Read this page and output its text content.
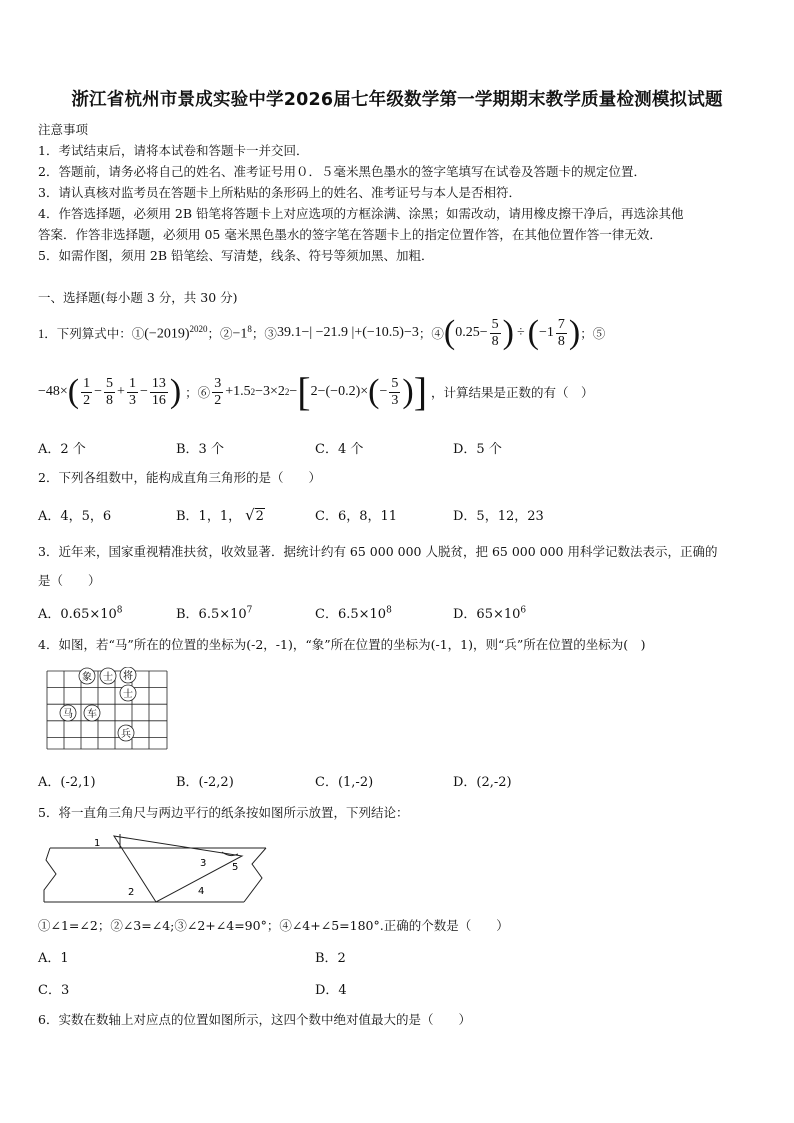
浙江省杭州市景成实验中学2026届七年级数学第一学期期末教学质量检测模拟试题
注意事项
1．考试结束后，请将本试卷和答题卡一并交回．
2．答题前，请务必将自己的姓名、准考证号用０．５毫米黑色墨水的签字笔填写在试卷及答题卡的规定位置．
3．请认真核对监考员在答题卡上所粘贴的条形码上的姓名、准考证号与本人是否相符．
4．作答选择题，必须用 2B 铅笔将答题卡上对应选项的方框涂满、涂黑；如需改动，请用橡皮擦干净后，再选涂其他
答案．作答非选择题，必须用 05 毫米黑色墨水的签字笔在答题卡上的指定位置作答，在其他位置作答一律无效．
5．如需作图，须用 2B 铅笔绘、写清楚，线条、符号等须加黑、加粗．
一、选择题(每小题 3 分，共 30 分)
1．下列算式中：① $(-2019)^{2020}$ ；② $-1^8$ ；③ 39.1−| −21.9 |+(−10.5)−3 ；④ ( $0.25- \frac{5}{8}$ ) ÷ ( $-1 \frac{7}{8}$ ) ；⑤
−48× ( $\frac{1}{2} - \frac{5}{8} + \frac{1}{3} - \frac{13}{16}$ ) ；⑥ $\frac{3}{2} +1.5$ 2 −3×2 2 − [ 2−(−0.2)× ( − $\frac{5}{3}$ ) ] ，计算结果是正数的有（　）
A．2 个	B．3 个	C．4 个	D．5 个
2．下列各组数中，能构成直角三角形的是（　　）
A．4，5，6	B．1，1， √2	C．6，8，11	D．5，12，23
3．近年来，国家重视精准扶贫，收效显著．据统计约有 65 000 000 人脱贫，把 65 000 000 用科学记数法表示，正确的
是（　　）
A．$0.65\times 10^8$	B．$6.5\times 10^7$	C．$6.5\times 10^8$	D．$65\times 10^6$
4．如图，若“马”所在的位置的坐标为(-2，-1)，“象”所在位置的坐标为(-1，1)，则“兵”所在位置的坐标为(　)
象 士 将
士
马 车
兵
A．(-2,1)	B．(-2,2)	C．(1,-2)	D．(2,-2)
5．将一直角三角尺与两边平行的纸条按如图所示放置，下列结论：
1
2
3
4
5
①∠1=∠2；②∠3=∠4;③∠2+∠4=90°；④∠4+∠5=180°.正确的个数是（　　）
A．1	B．2
C．3	D．4
6．实数在数轴上对应点的位置如图所示，这四个数中绝对值最大的是（　　）
